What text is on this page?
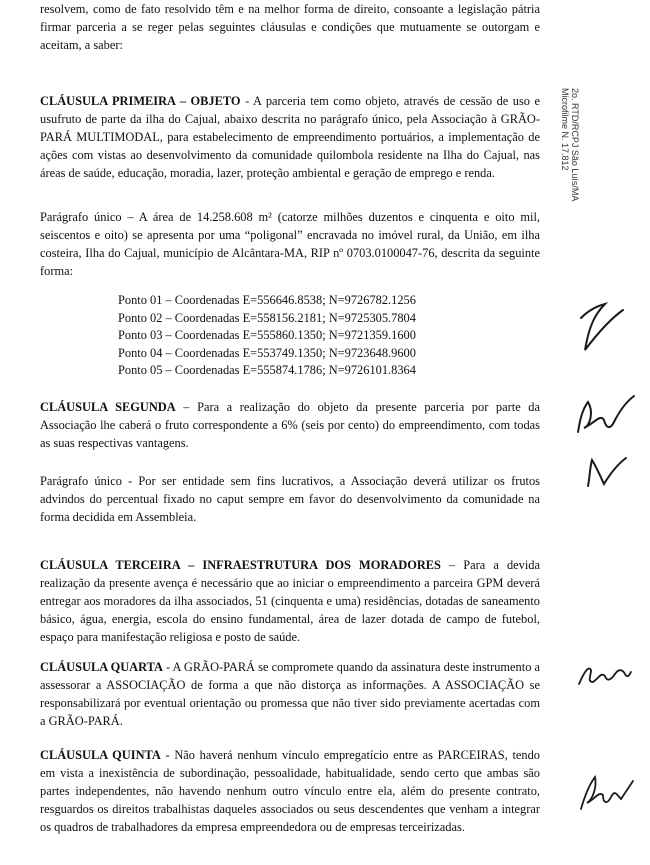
resolvem, como de fato resolvido têm e na melhor forma de direito, consoante a legislação pátria firmar parceria a se reger pelas seguintes cláusulas e condições que mutuamente se outorgam e aceitam, a saber:

CLÁUSULA PRIMEIRA – OBJETO - A parceria tem como objeto, através de cessão de uso e usufruto de parte da ilha do Cajual, abaixo descrita no parágrafo único, pela Associação à GRÃO-PARÁ MULTIMODAL, para estabelecimento de empreendimento portuários, a implementação de ações com vistas ao desenvolvimento da comunidade quilombola residente na Ilha do Cajual, nas áreas de saúde, educação, moradia, lazer, proteção ambiental e geração de emprego e renda.

Parágrafo único – A área de 14.258.608 m² (catorze milhões duzentos e cinquenta e oito mil, seiscentos e oito) se apresenta por uma “poligonal” encravada no imóvel rural, da União, em ilha costeira, Ilha do Cajual, município de Alcântara-MA, RIP nº 0703.0100047-76, descrita da seguinte forma:

Ponto 01 – Coordenadas E=556646.8538; N=9726782.1256
Ponto 02 – Coordenadas E=558156.2181; N=9725305.7804
Ponto 03 – Coordenadas E=555860.1350; N=9721359.1600
Ponto 04 – Coordenadas E=553749.1350; N=9723648.9600
Ponto 05 – Coordenadas E=555874.1786; N=9726101.8364

CLÁUSULA SEGUNDA – Para a realização do objeto da presente parceria por parte da Associação lhe caberá o fruto correspondente a 6% (seis por cento) do empreendimento, com todas as suas respectivas vantagens.

Parágrafo único - Por ser entidade sem fins lucrativos, a Associação deverá utilizar os frutos advindos do percentual fixado no caput sempre em favor do desenvolvimento da comunidade na forma decidida em Assembleia.

CLÁUSULA TERCEIRA – INFRAESTRUTURA DOS MORADORES – Para a devida realização da presente avença é necessário que ao iniciar o empreendimento a parceira GPM deverá entregar aos moradores da ilha associados, 51 (cinquenta e uma) residências, dotadas de saneamento básico, água, energia, escola do ensino fundamental, área de lazer dotada de campo de futebol, espaço para manifestação religiosa e posto de saúde.

CLÁUSULA QUARTA - A GRÃO-PARÁ se compromete quando da assinatura deste instrumento a assessorar a ASSOCIAÇÃO de forma a que não distorça as informações. A ASSOCIAÇÃO se responsabilizará por eventual orientação ou promessa que não tiver sido previamente acertadas com a GRÃO-PARÁ.

CLÁUSULA QUINTA - Não haverá nenhum vínculo empregatício entre as PARCEIRAS, tendo em vista a inexistência de subordinação, pessoalidade, habitualidade, sendo certo que ambas são partes independentes, não havendo nenhum outro vínculo entre ela, além do presente contrato, resguardos os direitos trabalhistas daqueles associados ou seus descendentes que venham a integrar os quadros de trabalhadores da empresa empreendedora ou de empresas terceirizadas.

2o. RTD/RCPJ São Luís/MA
Microfilme N. 17.812
